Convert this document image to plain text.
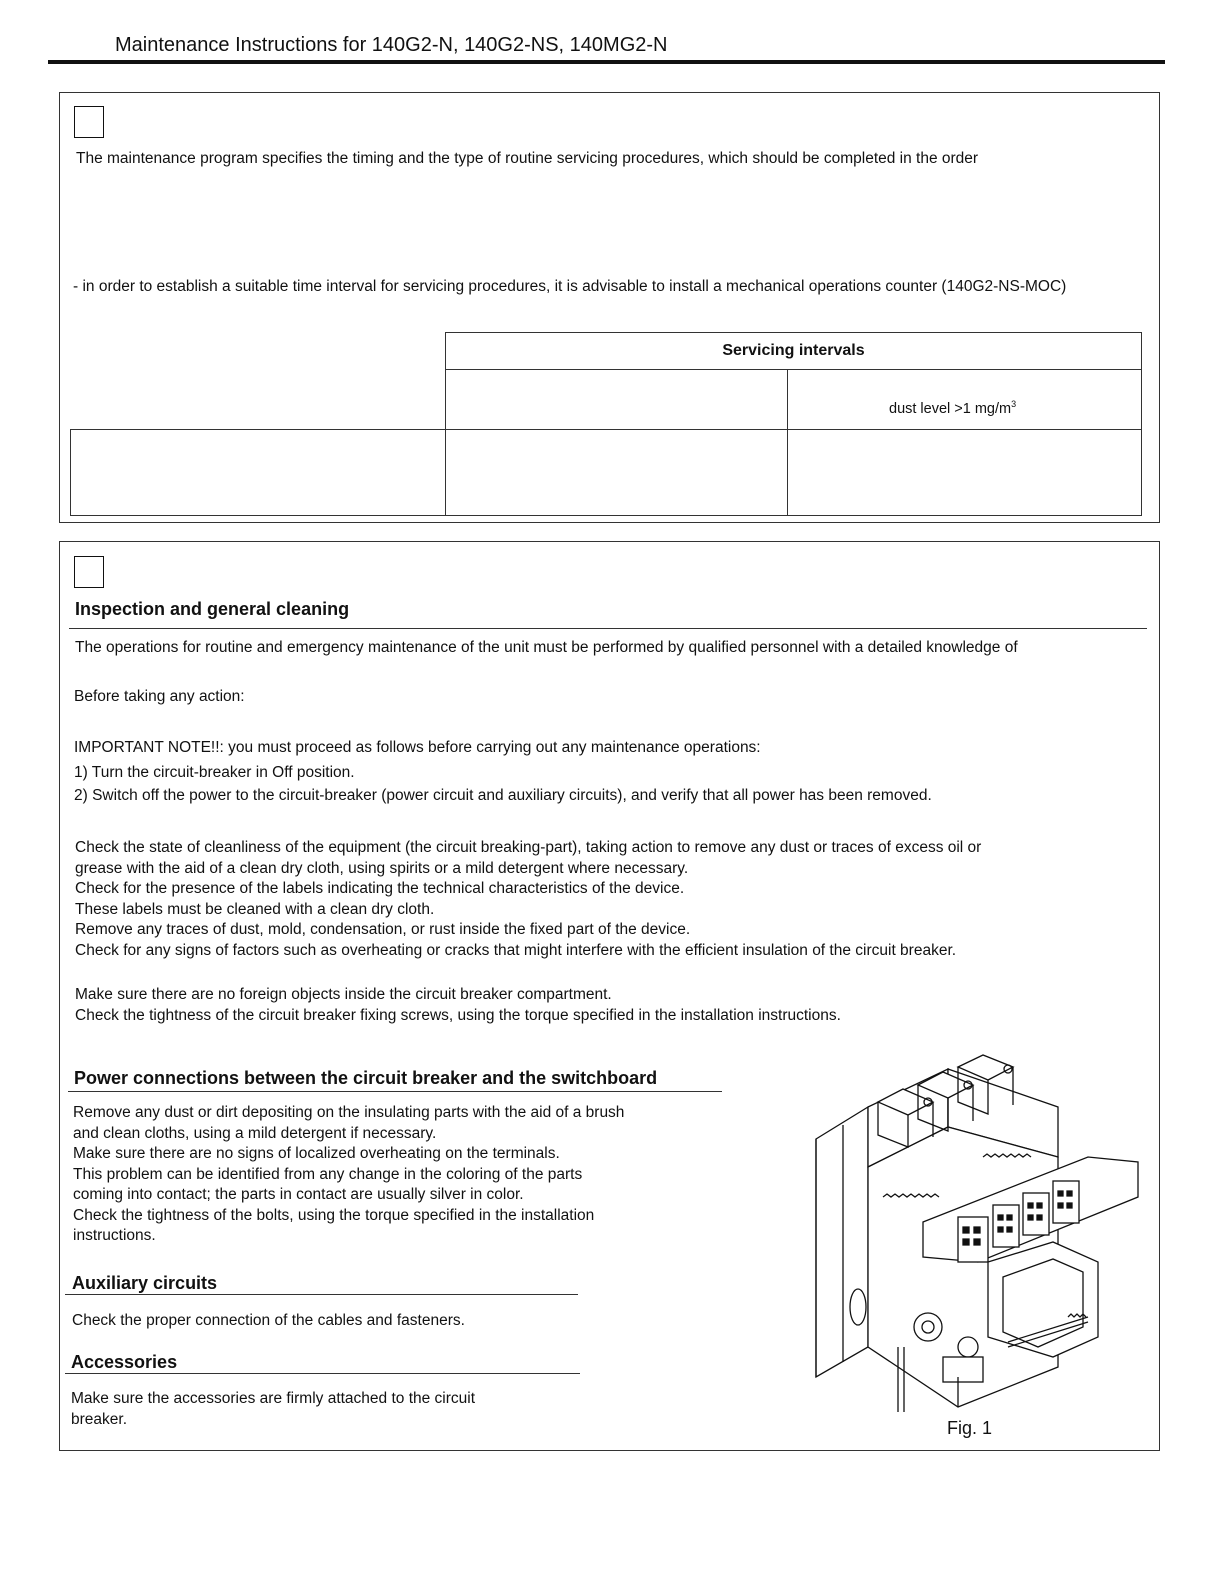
Maintenance Instructions for 140G2-N, 140G2-NS, 140MG2-N
The maintenance program specifies the timing and the type of routine servicing procedures, which should be completed in the order
- in order to establish a suitable time interval for servicing procedures, it is advisable to install a mechanical operations counter (140G2-NS-MOC)
Servicing intervals
dust level >1 $mg/m^3$
Inspection and general cleaning
The operations for routine and emergency maintenance of the unit must be performed by qualified personnel with a detailed knowledge of
Before taking any action:
IMPORTANT NOTE!!: you must proceed as follows before carrying out any maintenance operations:
1) Turn the circuit-breaker in Off position.
2) Switch off the power to the circuit-breaker (power circuit and auxiliary circuits), and verify that all power has been removed.
Check the state of cleanliness of the equipment (the circuit breaking-part), taking action to remove any dust or traces of excess oil or
grease with the aid of a clean dry cloth, using spirits or a mild detergent where necessary.
Check for the presence of the labels indicating the technical characteristics of the device.
These labels must be cleaned with a clean dry cloth.
Remove any traces of dust, mold, condensation, or rust inside the fixed part of the device.
Check for any signs of factors such as overheating or cracks that might interfere with the efficient insulation of the circuit breaker.
Make sure there are no foreign objects inside the circuit breaker compartment.
Check the tightness of the circuit breaker fixing screws, using the torque specified in the installation instructions.
Power connections between the circuit breaker and the switchboard
Remove any dust or dirt depositing on the insulating parts with the aid of a brush
and clean cloths, using a mild detergent if necessary.
Make sure there are no signs of localized overheating on the terminals.
This problem can be identified from any change in the coloring of the parts
coming into contact; the parts in contact are usually silver in color.
Check the tightness of the bolts, using the torque specified in the installation
instructions.
Auxiliary circuits
Check the proper connection of the cables and fasteners.
Accessories
Make sure the accessories are firmly attached to the circuit
breaker.	Fig. 1
